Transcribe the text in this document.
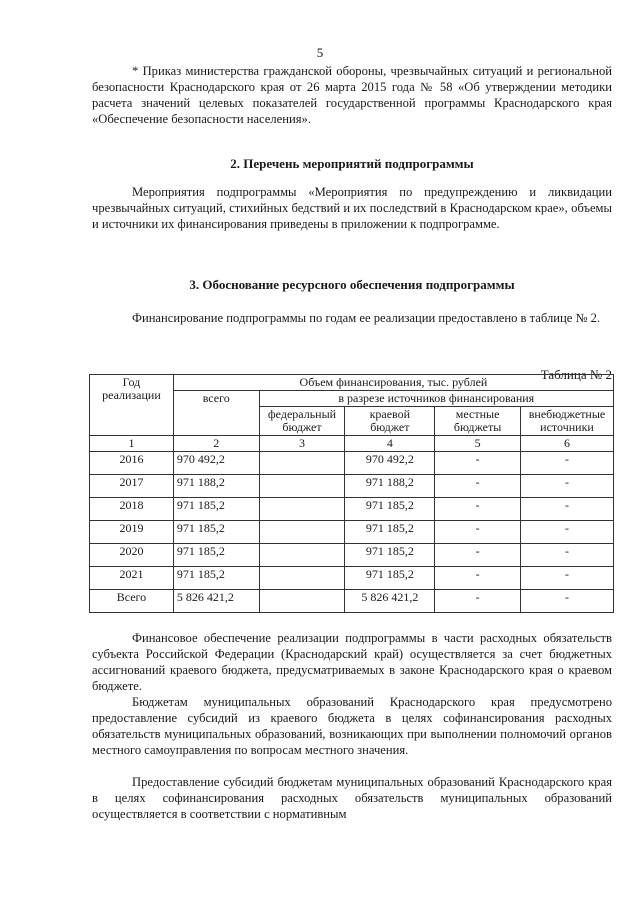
5
* Приказ министерства гражданской обороны, чрезвычайных ситуаций и региональной безопасности Краснодарского края от 26 марта 2015 года № 58 «Об утверждении методики расчета значений целевых показателей государственной программы Краснодарского края «Обеспечение безопасности населения».
2. Перечень мероприятий подпрограммы
Мероприятия подпрограммы «Мероприятия по предупреждению и ликвидации чрезвычайных ситуаций, стихийных бедствий и их последствий в Краснодарском крае», объемы и источники их финансирования приведены в приложении к подпрограмме.
3. Обоснование ресурсного обеспечения подпрограммы
Финансирование подпрограммы по годам ее реализации предоставлено в таблице № 2.
Таблица № 2
Год реализации	Объем финансирования, тыс. рублей				
	всего	в разрезе источников финансирования			
		федеральный бюджет	краевой бюджет	местные бюджеты	внебюджетные источники
1	2	3	4	5	6
2016	970 492,2		970 492,2	-	-
2017	971 188,2		971 188,2	-	-
2018	971 185,2		971 185,2	-	-
2019	971 185,2		971 185,2	-	-
2020	971 185,2		971 185,2	-	-
2021	971 185,2		971 185,2	-	-
Всего	5 826 421,2		5 826 421,2	-	-
Финансовое обеспечение реализации подпрограммы в части расходных обязательств субъекта Российской Федерации (Краснодарский край) осуществляется за счет бюджетных ассигнований краевого бюджета, предусматриваемых в законе Краснодарского края о краевом бюджете.
Бюджетам муниципальных образований Краснодарского края предусмотрено предоставление субсидий из краевого бюджета в целях софинансирования расходных обязательств муниципальных образований, возникающих при выполнении полномочий органов местного самоуправления по вопросам местного значения.
Предоставление субсидий бюджетам муниципальных образований Краснодарского края в целях софинансирования расходных обязательств муниципальных образований осуществляется в соответствии с нормативным
